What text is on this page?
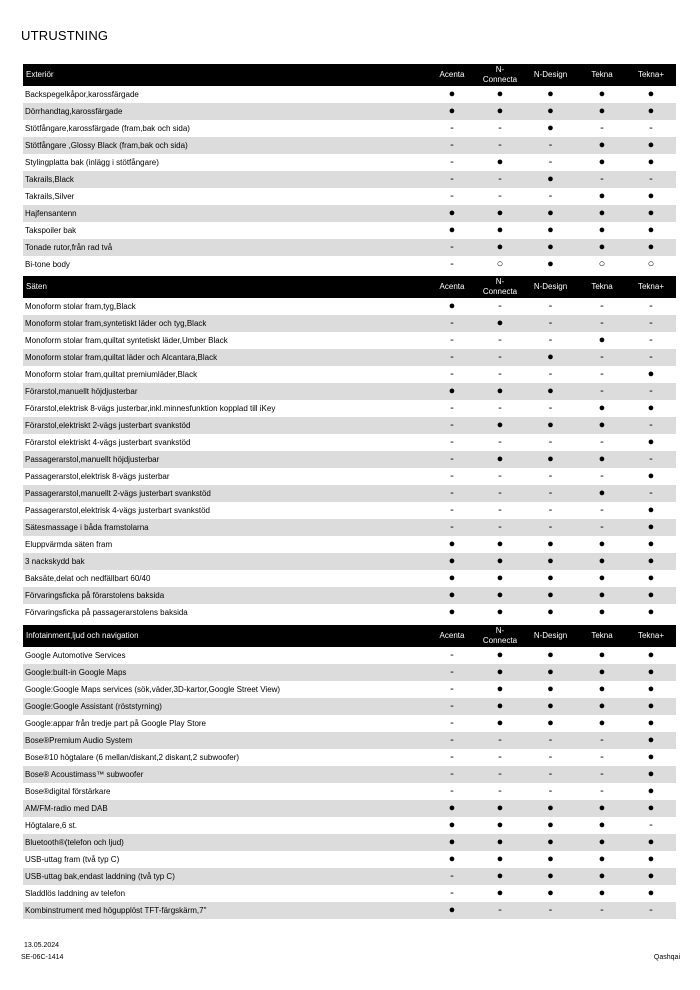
UTRUSTNING
Exteriör	Acenta	N-
Connecta	N-Design	Tekna	Tekna+
Backspegelkåpor,karossfärgade	●	●	●	●	●
Dörrhandtag,karossfärgade	●	●	●	●	●
Stötfångare,karossfärgade (fram,bak och sida)	-	-	●	-	-
Stötfångare ,Glossy Black (fram,bak och sida)	-	-	-	●	●
Stylingplatta bak (inlägg i stötfångare)	-	●	-	●	●
Takrails,Black	-	-	●	-	-
Takrails,Silver	-	-	-	●	●
Hajfensantenn	●	●	●	●	●
Takspoiler bak	●	●	●	●	●
Tonade rutor,från rad två	-	●	●	●	●
Bi-tone body	-	○	●	○	○
Säten	Acenta	N-
Connecta	N-Design	Tekna	Tekna+
Monoform stolar fram,tyg,Black	●	-	-	-	-
Monoform stolar fram,syntetiskt läder och tyg,Black	-	●	-	-	-
Monoform stolar fram,quiltat syntetiskt läder,Umber Black	-	-	-	●	-
Monoform stolar fram,quiltat läder och Alcantara,Black	-	-	●	-	-
Monoform stolar fram,quiltat premiumläder,Black	-	-	-	-	●
Förarstol,manuellt höjdjusterbar	●	●	●	-	-
Förarstol,elektrisk 8-vägs justerbar,inkl.minnesfunktion kopplad till iKey	-	-	-	●	●
Förarstol,elektriskt 2-vägs justerbart svankstöd	-	●	●	●	-
Förarstol elektriskt 4-vägs justerbart svankstöd	-	-	-	-	●
Passagerarstol,manuellt höjdjusterbar	-	●	●	●	-
Passagerarstol,elektrisk 8-vägs justerbar	-	-	-	-	●
Passagerarstol,manuellt 2-vägs justerbart svankstöd	-	-	-	●	-
Passagerarstol,elektrisk 4-vägs justerbart svankstöd	-	-	-	-	●
Sätesmassage i båda framstolarna	-	-	-	-	●
Eluppvärmda säten fram	●	●	●	●	●
3 nackskydd bak	●	●	●	●	●
Baksäte,delat och nedfällbart 60/40	●	●	●	●	●
Förvaringsficka på förarstolens baksida	●	●	●	●	●
Förvaringsficka på passagerarstolens baksida	●	●	●	●	●
Infotainment,ljud och navigation	Acenta	N-
Connecta	N-Design	Tekna	Tekna+
Google Automotive Services	-	●	●	●	●
Google:built-in Google Maps	-	●	●	●	●
Google:Google Maps services (sök,väder,3D-kartor,Google Street View)	-	●	●	●	●
Google:Google Assistant (röststyrning)	-	●	●	●	●
Google:appar från tredje part på Google Play Store	-	●	●	●	●
Bose®Premium Audio System	-	-	-	-	●
Bose®10 högtalare (6 mellan/diskant,2 diskant,2 subwoofer)	-	-	-	-	●
Bose® Acoustimass™ subwoofer	-	-	-	-	●
Bose®digital förstärkare	-	-	-	-	●
AM/FM-radio med DAB	●	●	●	●	●
Högtalare,6 st.	●	●	●	●	-
Bluetooth®(telefon och ljud)	●	●	●	●	●
USB-uttag fram (två typ C)	●	●	●	●	●
USB-uttag bak,endast laddning (två typ C)	-	●	●	●	●
Sladdlös laddning av telefon	-	●	●	●	●
Kombinstrument med högupplöst TFT-färgskärm,7"	●	-	-	-	-
13.05.2024
SE-06C-1414	Qashqai
